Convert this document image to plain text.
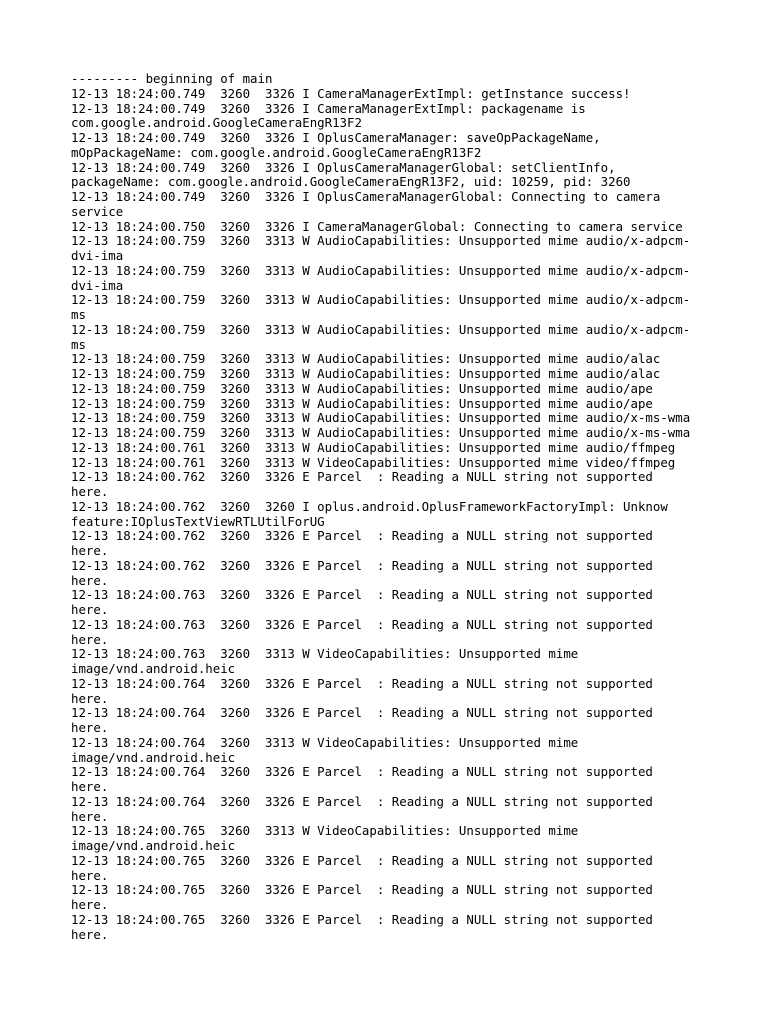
--------- beginning of main
12-13 18:24:00.749  3260  3326 I CameraManagerExtImpl: getInstance success!
12-13 18:24:00.749  3260  3326 I CameraManagerExtImpl: packagename is
com.google.android.GoogleCameraEngR13F2
12-13 18:24:00.749  3260  3326 I OplusCameraManager: saveOpPackageName,
mOpPackageName: com.google.android.GoogleCameraEngR13F2
12-13 18:24:00.749  3260  3326 I OplusCameraManagerGlobal: setClientInfo,
packageName: com.google.android.GoogleCameraEngR13F2, uid: 10259, pid: 3260
12-13 18:24:00.749  3260  3326 I OplusCameraManagerGlobal: Connecting to camera
service
12-13 18:24:00.750  3260  3326 I CameraManagerGlobal: Connecting to camera service
12-13 18:24:00.759  3260  3313 W AudioCapabilities: Unsupported mime audio/x-adpcm-
dvi-ima
12-13 18:24:00.759  3260  3313 W AudioCapabilities: Unsupported mime audio/x-adpcm-
dvi-ima
12-13 18:24:00.759  3260  3313 W AudioCapabilities: Unsupported mime audio/x-adpcm-
ms
12-13 18:24:00.759  3260  3313 W AudioCapabilities: Unsupported mime audio/x-adpcm-
ms
12-13 18:24:00.759  3260  3313 W AudioCapabilities: Unsupported mime audio/alac
12-13 18:24:00.759  3260  3313 W AudioCapabilities: Unsupported mime audio/alac
12-13 18:24:00.759  3260  3313 W AudioCapabilities: Unsupported mime audio/ape
12-13 18:24:00.759  3260  3313 W AudioCapabilities: Unsupported mime audio/ape
12-13 18:24:00.759  3260  3313 W AudioCapabilities: Unsupported mime audio/x-ms-wma
12-13 18:24:00.759  3260  3313 W AudioCapabilities: Unsupported mime audio/x-ms-wma
12-13 18:24:00.761  3260  3313 W AudioCapabilities: Unsupported mime audio/ffmpeg
12-13 18:24:00.761  3260  3313 W VideoCapabilities: Unsupported mime video/ffmpeg
12-13 18:24:00.762  3260  3326 E Parcel  : Reading a NULL string not supported
here.
12-13 18:24:00.762  3260  3260 I oplus.android.OplusFrameworkFactoryImpl: Unknow
feature:IOplusTextViewRTLUtilForUG
12-13 18:24:00.762  3260  3326 E Parcel  : Reading a NULL string not supported
here.
12-13 18:24:00.762  3260  3326 E Parcel  : Reading a NULL string not supported
here.
12-13 18:24:00.763  3260  3326 E Parcel  : Reading a NULL string not supported
here.
12-13 18:24:00.763  3260  3326 E Parcel  : Reading a NULL string not supported
here.
12-13 18:24:00.763  3260  3313 W VideoCapabilities: Unsupported mime
image/vnd.android.heic
12-13 18:24:00.764  3260  3326 E Parcel  : Reading a NULL string not supported
here.
12-13 18:24:00.764  3260  3326 E Parcel  : Reading a NULL string not supported
here.
12-13 18:24:00.764  3260  3313 W VideoCapabilities: Unsupported mime
image/vnd.android.heic
12-13 18:24:00.764  3260  3326 E Parcel  : Reading a NULL string not supported
here.
12-13 18:24:00.764  3260  3326 E Parcel  : Reading a NULL string not supported
here.
12-13 18:24:00.765  3260  3313 W VideoCapabilities: Unsupported mime
image/vnd.android.heic
12-13 18:24:00.765  3260  3326 E Parcel  : Reading a NULL string not supported
here.
12-13 18:24:00.765  3260  3326 E Parcel  : Reading a NULL string not supported
here.
12-13 18:24:00.765  3260  3326 E Parcel  : Reading a NULL string not supported
here.
